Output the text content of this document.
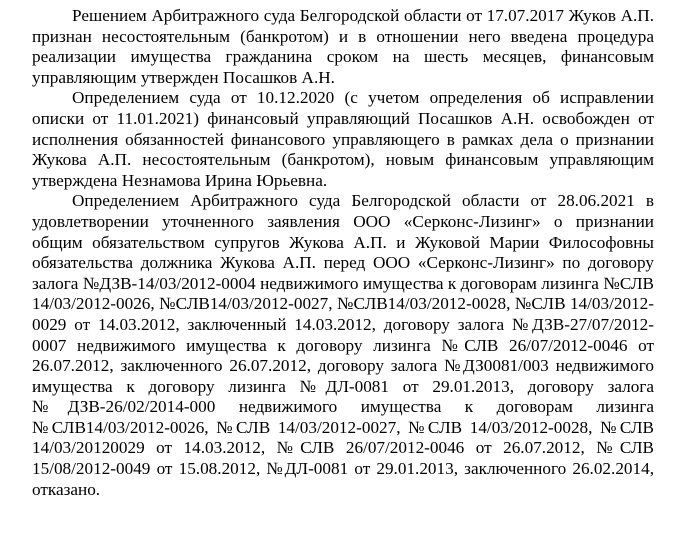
Решением Арбитражного суда Белгородской области от 17.07.2017 Жуков А.П. признан несостоятельным (банкротом) и в отношении него введена процедура реализации имущества гражданина сроком на шесть месяцев, финансовым управляющим утвержден Посашков А.Н.

Определением суда от 10.12.2020 (с учетом определения об исправлении описки от 11.01.2021) финансовый управляющий Посашков А.Н. освобожден от исполнения обязанностей финансового управляющего в рамках дела о признании Жукова А.П. несостоятельным (банкротом), новым финансовым управляющим утверждена Незнамова Ирина Юрьевна.

Определением Арбитражного суда Белгородской области от 28.06.2021 в удовлетворении уточненного заявления ООО «Серконс-Лизинг» о признании общим обязательством супругов Жукова А.П. и Жуковой Марии Философовны обязательства должника Жукова А.П. перед ООО «Серконс-Лизинг» по договору залога №ДЗВ-14/03/2012-0004 недвижимого имущества к договорам лизинга №СЛВ 14/03/2012-0026, №СЛВ14/03/2012-0027, №СЛВ14/03/2012-0028, №СЛВ 14/03/2012-0029 от 14.03.2012, заключенный 14.03.2012, договору залога №ДЗВ-27/07/2012-0007 недвижимого имущества к договору лизинга №СЛВ 26/07/2012-0046 от 26.07.2012, заключенного 26.07.2012, договору залога №ДЗ0081/003 недвижимого имущества к договору лизинга №ДЛ-0081 от 29.01.2013, договору залога №ДЗВ-26/02/2014-000 недвижимого имущества к договорам лизинга №СЛВ14/03/2012-0026, №СЛВ 14/03/2012-0027, №СЛВ 14/03/2012-0028, №СЛВ 14/03/20120029 от 14.03.2012, №СЛВ 26/07/2012-0046 от 26.07.2012, №СЛВ 15/08/2012-0049 от 15.08.2012, №ДЛ-0081 от 29.01.2013, заключенного 26.02.2014, отказано.
